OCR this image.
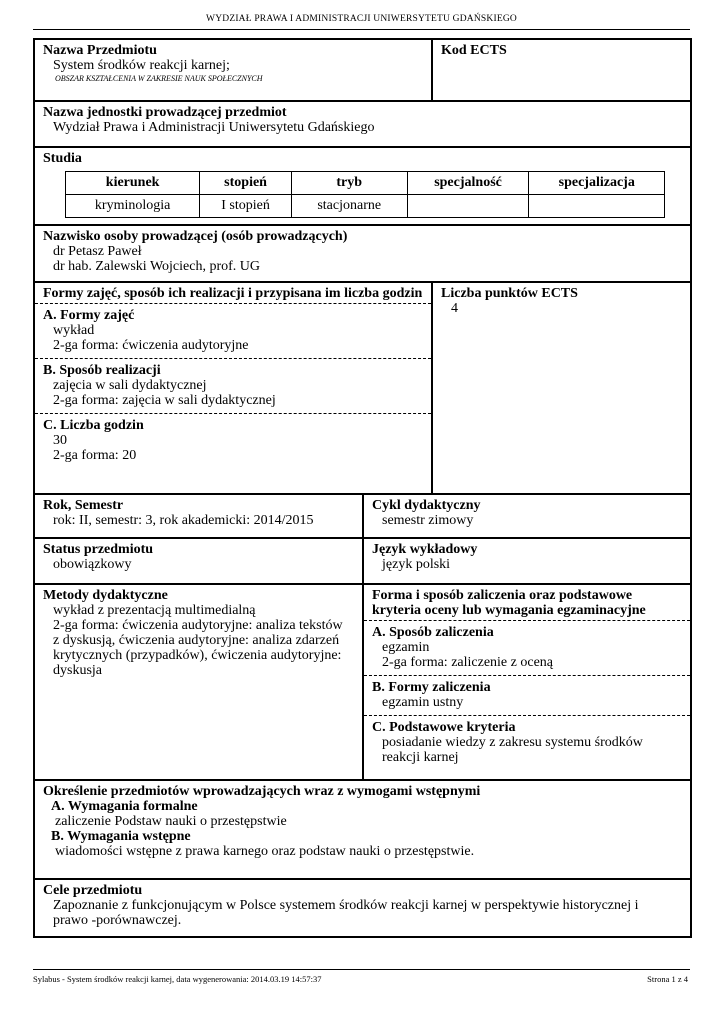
WYDZIAŁ PRAWA I ADMINISTRACJI UNIWERSYTETU GDAŃSKIEGO
Nazwa Przedmiotu
System środków reakcji karnej;
OBSZAR KSZTAŁCENIA W ZAKRESIE NAUK SPOŁECZNYCH
Kod ECTS
Nazwa jednostki prowadzącej przedmiot
Wydział Prawa i Administracji Uniwersytetu Gdańskiego
Studia
kierunek	stopień	tryb	specjalność	specjalizacja
kryminologia	I stopień	stacjonarne		
Nazwisko osoby prowadzącej (osób prowadzących)
dr Petasz Paweł
dr hab. Zalewski Wojciech, prof. UG
Formy zajęć, sposób ich realizacji i przypisana im liczba godzin
A. Formy zajęć
wykład
2-ga forma: ćwiczenia audytoryjne
B. Sposób realizacji
zajęcia w sali dydaktycznej
2-ga forma: zajęcia w sali dydaktycznej
C. Liczba godzin
30
2-ga forma: 20
Liczba punktów ECTS
4
Rok, Semestr
rok: II, semestr: 3, rok akademicki: 2014/2015
Cykl dydaktyczny
semestr zimowy
Status przedmiotu
obowiązkowy
Język wykładowy
język polski
Metody dydaktyczne
wykład z prezentacją multimedialną
2-ga forma: ćwiczenia audytoryjne: analiza tekstów
z dyskusją, ćwiczenia audytoryjne: analiza zdarzeń
krytycznych (przypadków), ćwiczenia audytoryjne:
dyskusja
Forma i sposób zaliczenia oraz podstawowe
kryteria oceny lub wymagania egzaminacyjne
A. Sposób zaliczenia
egzamin
2-ga forma: zaliczenie z oceną
B. Formy zaliczenia
egzamin ustny
C. Podstawowe kryteria
posiadanie wiedzy z zakresu systemu środków
reakcji karnej
Określenie przedmiotów wprowadzających wraz z wymogami wstępnymi
A. Wymagania formalne
zaliczenie Podstaw nauki o przestępstwie
B. Wymagania wstępne
wiadomości wstępne z prawa karnego oraz podstaw nauki o przestępstwie.
Cele przedmiotu
Zapoznanie z funkcjonującym w Polsce systemem środków reakcji karnej w perspektywie historycznej i
prawo -porównawczej.
Sylabus - System środków reakcji karnej, data wygenerowania: 2014.03.19 14:57:37	Strona 1 z 4
